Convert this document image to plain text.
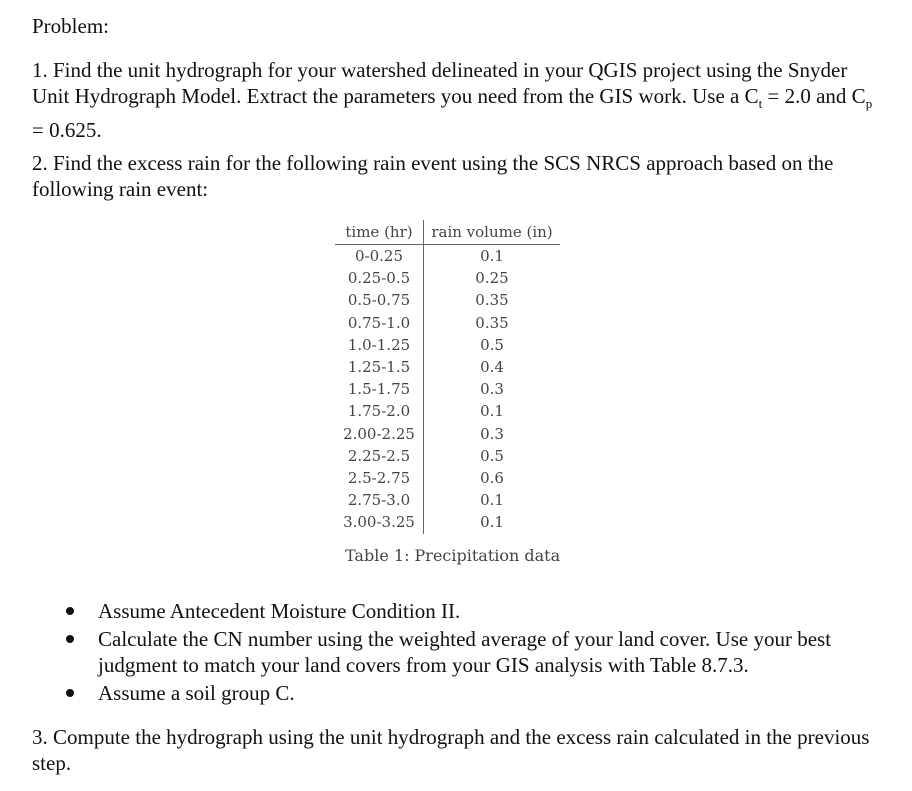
Problem:
1. Find the unit hydrograph for your watershed delineated in your QGIS project using the Snyder Unit Hydrograph Model. Extract the parameters you need from the GIS work. Use a $C_t = 2.0$ and $C_p = 0.625$.
2. Find the excess rain for the following rain event using the SCS NRCS approach based on the following rain event:
time (hr)	rain volume (in)
0-0.25	0.1
0.25-0.5	0.25
0.5-0.75	0.35
0.75-1.0	0.35
1.0-1.25	0.5
1.25-1.5	0.4
1.5-1.75	0.3
1.75-2.0	0.1
2.00-2.25	0.3
2.25-2.5	0.5
2.5-2.75	0.6
2.75-3.0	0.1
3.00-3.25	0.1
Table 1: Precipitation data
Assume Antecedent Moisture Condition II.
Calculate the CN number using the weighted average of your land cover. Use your best judgment to match your land covers from your GIS analysis with Table 8.7.3.
Assume a soil group C.
3. Compute the hydrograph using the unit hydrograph and the excess rain calculated in the previous step.
